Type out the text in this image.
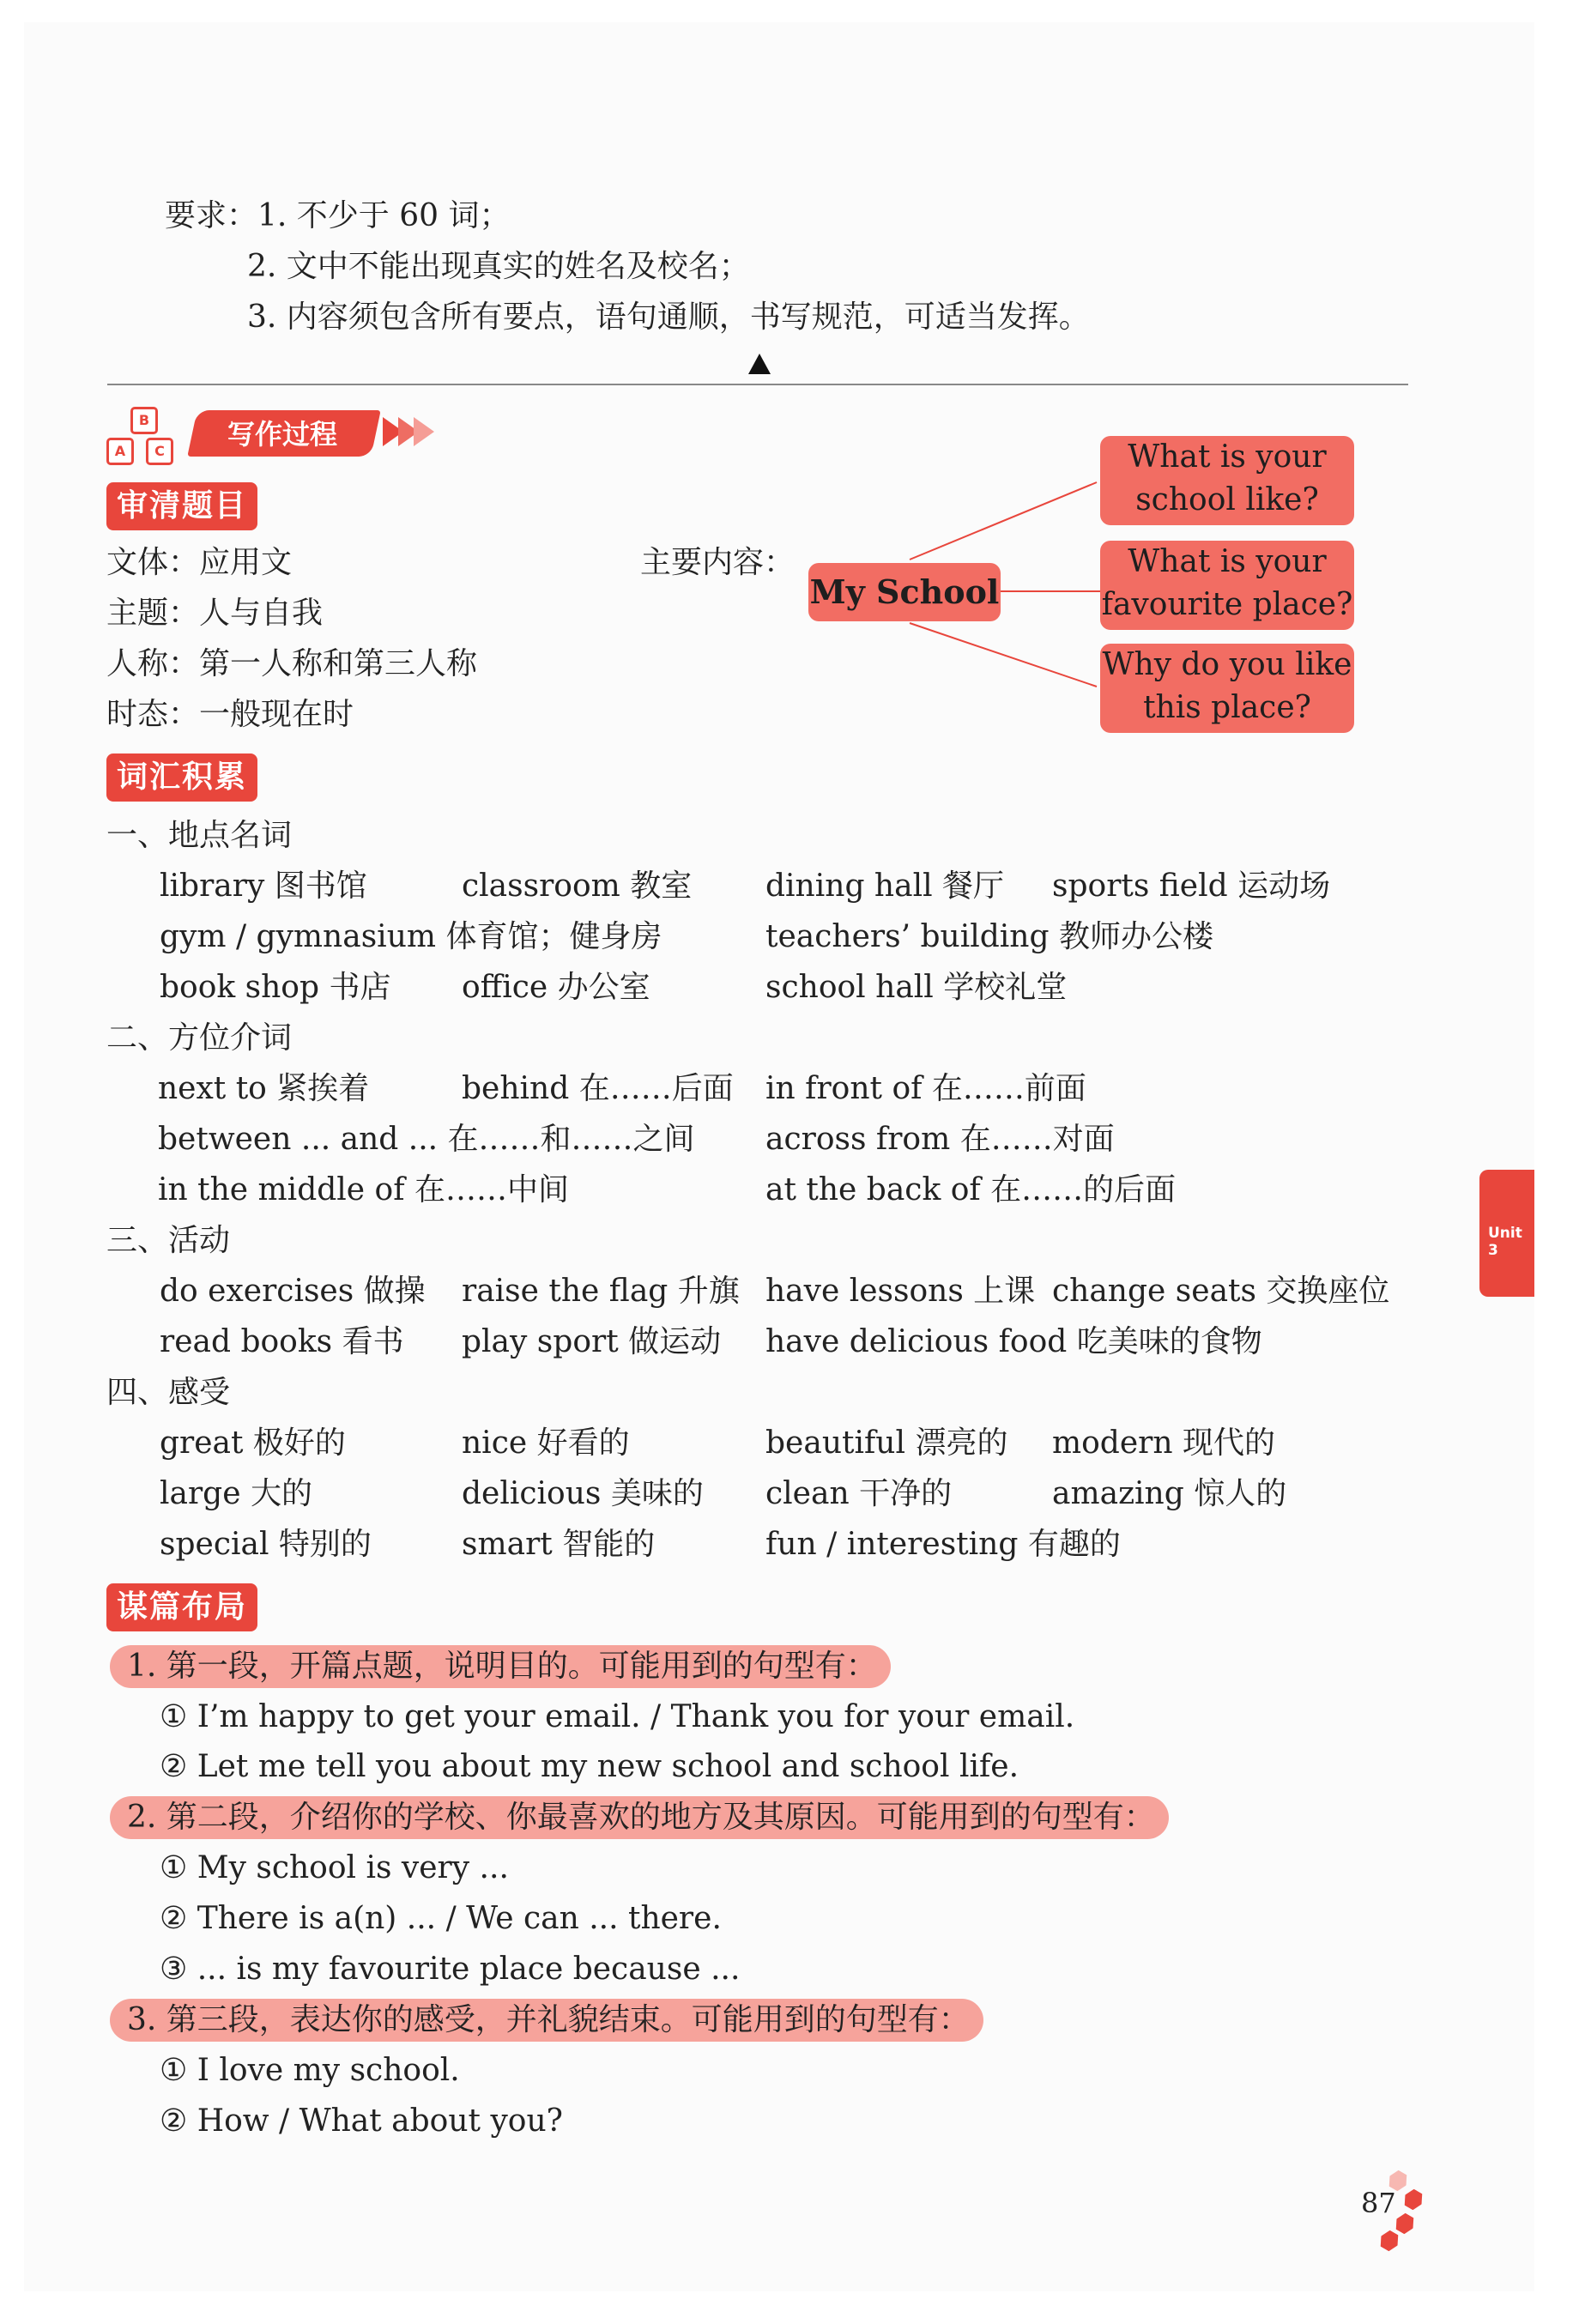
要求：1. 不少于 60 词；
2. 文中不能出现真实的姓名及校名；
3. 内容须包含所有要点，语句通顺，书写规范，可适当发挥。
B
A	C
写作过程
审清题目
文体：应用文
主题：人与自我
人称：第一人称和第三人称
时态：一般现在时
主要内容：
My School
What is your
school like?
What is your
favourite place?
Why do you like
this place?
词汇积累
一、地点名词
library 图书馆	classroom 教室 dining hall 餐厅 sports field 运动场
gym / gymnasium 体育馆；健身房	teachers’ building 教师办公楼
book shop 书店 office 办公室	school hall 学校礼堂
二、方位介词
next to 紧挨着	behind 在……后面 in front of 在……前面
between ... and ... 在……和……之间 across from 在……对面
in the middle of 在……中间	at the back of 在……的后面
三、活动
do exercises 做操 raise the flag 升旗 have lessons 上课 change seats 交换座位
read books 看书 play sport 做运动 have delicious food 吃美味的食物
四、感受
great 极好的	nice 好看的	beautiful 漂亮的 modern 现代的
large 大的	delicious 美味的 clean 干净的	amazing 惊人的
special 特别的	smart 智能的	fun / interesting 有趣的
谋篇布局
1. 第一段，开篇点题，说明目的。可能用到的句型有：
① I’m happy to get your email. / Thank you for your email.
② Let me tell you about my new school and school life.
2. 第二段，介绍你的学校、你最喜欢的地方及其原因。可能用到的句型有：
① My school is very ...
② There is a(n) ... / We can ... there.
③ ... is my favourite place because ...
3. 第三段，表达你的感受，并礼貌结束。可能用到的句型有：
① I love my school.
② How / What about you?
Unit 3
87
